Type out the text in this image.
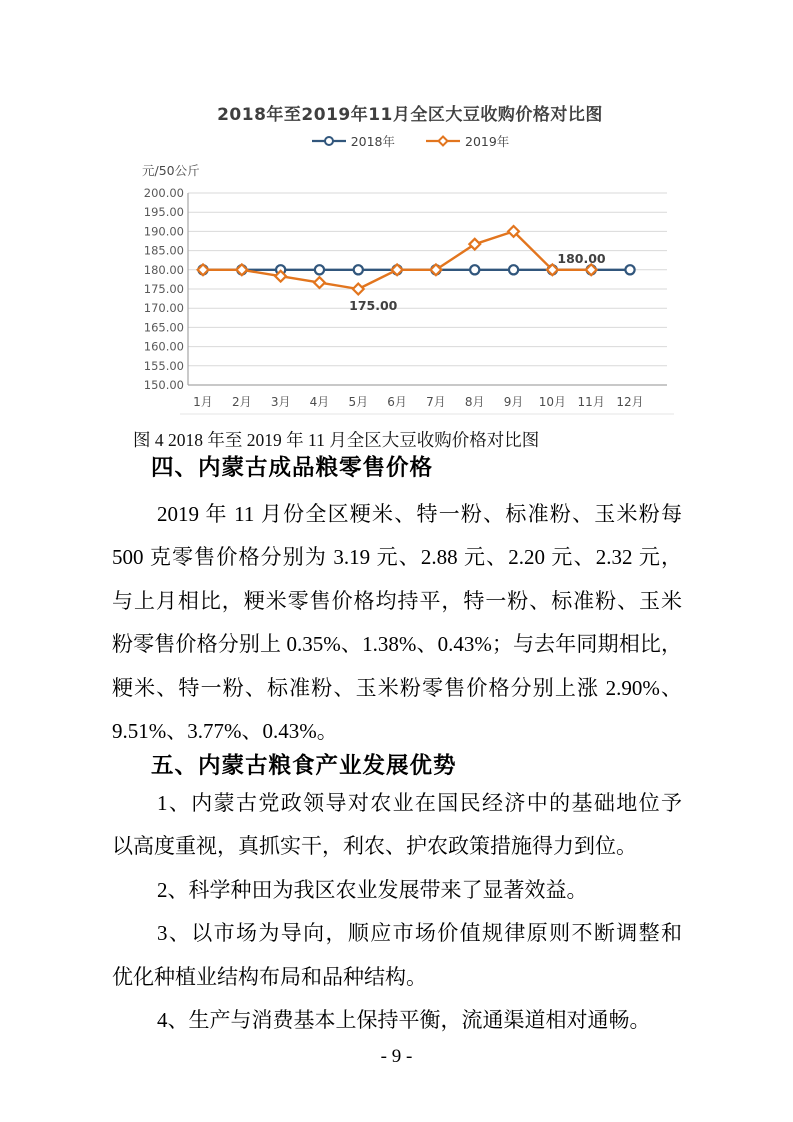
2018年至2019年11月全区大豆收购价格对比图
2018年	2019年
元/50公斤
150.00
155.00
160.00
165.00
170.00
175.00
180.00
185.00
190.00
195.00
200.00
1月 2月 3月 4月 5月 6月 7月 8月 9月 10月 11月 12月
175.00
180.00
图 4 2018 年至 2019 年 11 月全区大豆收购价格对比图
四、内蒙古成品粮零售价格
2019 年 11 月份全区粳米、特一粉、标准粉、玉米粉每
500 克零售价格分别为 3.19 元、2.88 元、2.20 元、2.32 元，
与上月相比，粳米零售价格均持平，特一粉、标准粉、玉米
粉零售价格分别上 0.35%、1.38%、0.43%；与去年同期相比，
粳米、特一粉、标准粉、玉米粉零售价格分别上涨 2.90%、
9.51%、3.77%、0.43%。
五、内蒙古粮食产业发展优势
1、内蒙古党政领导对农业在国民经济中的基础地位予
以高度重视，真抓实干，利农、护农政策措施得力到位。
2、科学种田为我区农业发展带来了显著效益。
3、以市场为导向，顺应市场价值规律原则不断调整和
优化种植业结构布局和品种结构。
4、生产与消费基本上保持平衡，流通渠道相对通畅。
- 9 -
